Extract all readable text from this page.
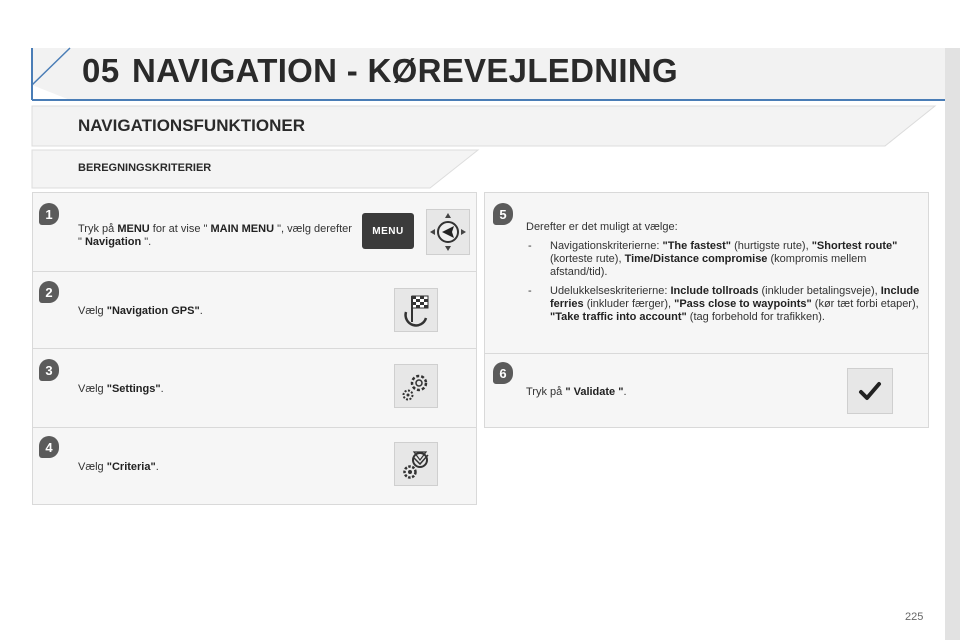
05 NAVIGATION - KØREVEJLEDNING
NAVIGATIONSFUNKTIONER
BEREGNINGSKRITERIER
1
Tryk på MENU for at vise " MAIN MENU ", vælg derefter " Navigation ".
MENU
2
Vælg "Navigation GPS".
3
Vælg "Settings".
4
Vælg "Criteria".
5
Derefter er det muligt at vælge:
- Navigationskriterierne: "The fastest" (hurtigste rute), "Shortest route" (korteste rute), Time/Distance compromise (kompromis mellem afstand/tid).
- Udelukkelseskriterierne: Include tollroads (inkluder betalingsveje), Include ferries (inkluder færger), "Pass close to waypoints" (kør tæt forbi etaper), "Take traffic into account" (tag forbehold for trafikken).
6
Tryk på " Validate ".
225
